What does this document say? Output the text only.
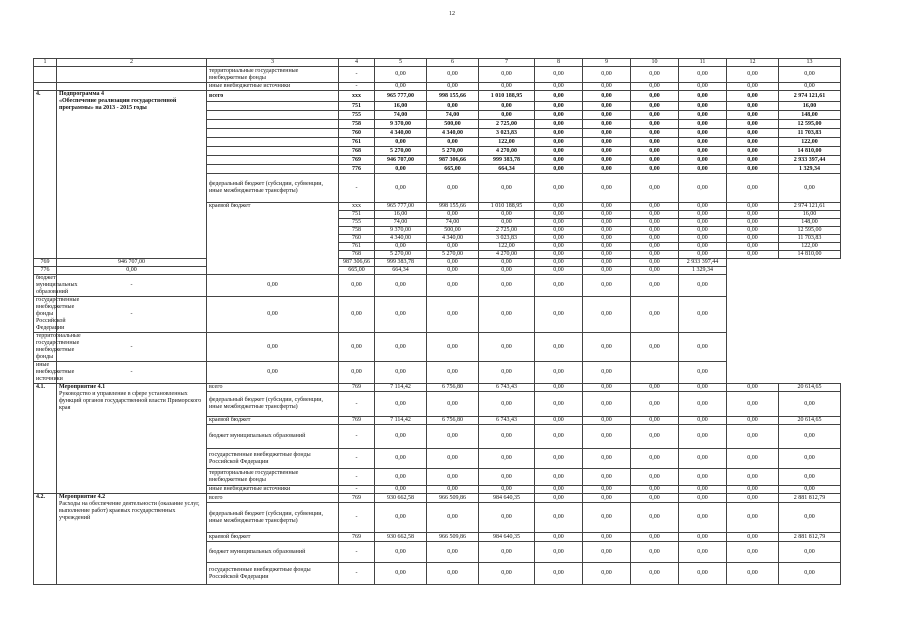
12
1	2	3	4	5	6	7	8	9	10	11	12	13
		территориальные государственные внебюджетные фонды	-	0,00	0,00	0,00	0,00	0,00	0,00	0,00	0,00	0,00
		иные внебюджетные источники	-	0,00	0,00	0,00	0,00	0,00	0,00	0,00	0,00	0,00
4.	Подпрограмма 4
«Обеспечение реализации государственной программы» на 2013 - 2015 годы	всего	xxx	965 777,00	998 155,66	1 010 188,95	0,00	0,00	0,00	0,00	0,00	2 974 121,61
			751	16,00	0,00	0,00	0,00	0,00	0,00	0,00	0,00	16,00
			755	74,00	74,00	0,00	0,00	0,00	0,00	0,00	0,00	148,00
			758	9 370,00	500,00	2 725,00	0,00	0,00	0,00	0,00	0,00	12 595,00
			760	4 340,00	4 340,00	3 023,83	0,00	0,00	0,00	0,00	0,00	11 703,83
			761	0,00	0,00	122,00	0,00	0,00	0,00	0,00	0,00	122,00
			768	5 270,00	5 270,00	4 270,00	0,00	0,00	0,00	0,00	0,00	14 810,00
			769	946 707,00	987 306,66	999 383,78	0,00	0,00	0,00	0,00	0,00	2 933 397,44
			776	0,00	665,00	664,34	0,00	0,00	0,00	0,00	0,00	1 329,34
		федеральный бюджет (субсидии, субвенции, иные межбюджетные трансферты)	-	0,00	0,00	0,00	0,00	0,00	0,00	0,00	0,00	0,00
		краевой бюджет	xxx	965 777,00	998 155,66	1 010 188,95	0,00	0,00	0,00	0,00	0,00	2 974 121,61
			751	16,00	0,00	0,00	0,00	0,00	0,00	0,00	0,00	16,00
			755	74,00	74,00	0,00	0,00	0,00	0,00	0,00	0,00	148,00
			758	9 370,00	500,00	2 725,00	0,00	0,00	0,00	0,00	0,00	12 595,00
			760	4 340,00	4 340,00	3 023,83	0,00	0,00	0,00	0,00	0,00	11 703,83
			761	0,00	0,00	122,00	0,00	0,00	0,00	0,00	0,00	122,00
			768	5 270,00	5 270,00	4 270,00	0,00	0,00	0,00	0,00	0,00	14 810,00
769	946 707,00		987 306,66	999 383,78	0,00	0,00	0,00	0,00	0,00	2 933 397,44		
776	0,00		665,00	664,34	0,00	0,00	0,00	0,00	0,00	1 329,34		
бюджет муниципальных образований	-	0,00	0,00	0,00	0,00	0,00	0,00	0,00	0,00	0,00		
государственные внебюджетные фонды Российской Федерации	-	0,00	0,00	0,00	0,00	0,00	0,00	0,00	0,00	0,00		
территориальные государственные внебюджетные фонды	-	0,00	0,00	0,00	0,00	0,00	0,00	0,00	0,00	0,00		
иные внебюджетные источники	-	0,00	0,00	0,00	0,00	0,00	0,00	0,00		0,00		
4.1.	Мероприятие 4.1
Руководство и управление в сфере установленных функций органов государственной власти Приморского края	всего	769	7 114,42	6 756,80	6 743,43	0,00	0,00	0,00	0,00	0,00	20 614,65
		федеральный бюджет (субсидии, субвенции, иные межбюджетные трансферты)	-	0,00	0,00	0,00	0,00	0,00	0,00	0,00	0,00	0,00
		краевой бюджет	769	7 114,42	6 756,80	6 743,43	0,00	0,00	0,00	0,00	0,00	20 614,65
		бюджет муниципальных образований	-	0,00	0,00	0,00	0,00	0,00	0,00	0,00	0,00	0,00
		государственные внебюджетные фонды Российской Федерации	-	0,00	0,00	0,00	0,00	0,00	0,00	0,00	0,00	0,00
		территориальные государственные внебюджетные фонды	-	0,00	0,00	0,00	0,00	0,00	0,00	0,00	0,00	0,00
		иные внебюджетные источники	-	0,00	0,00	0,00	0,00	0,00	0,00	0,00	0,00	0,00
4.2.	Мероприятие 4.2
Расходы на обеспечение деятельности (оказание услуг, выполнение работ) краевых государственных учреждений	всего	769	930 662,58	966 509,86	984 640,35	0,00	0,00	0,00	0,00	0,00	2 881 812,79
		федеральный бюджет (субсидии, субвенции, иные межбюджетные трансферты)	-	0,00	0,00	0,00	0,00	0,00	0,00	0,00	0,00	0,00
		краевой бюджет	769	930 662,58	966 509,86	984 640,35	0,00	0,00	0,00	0,00	0,00	2 881 812,79
		бюджет муниципальных образований	-	0,00	0,00	0,00	0,00	0,00	0,00	0,00	0,00	0,00
		государственные внебюджетные фонды Российской Федерации	-	0,00	0,00	0,00	0,00	0,00	0,00	0,00	0,00	0,00
